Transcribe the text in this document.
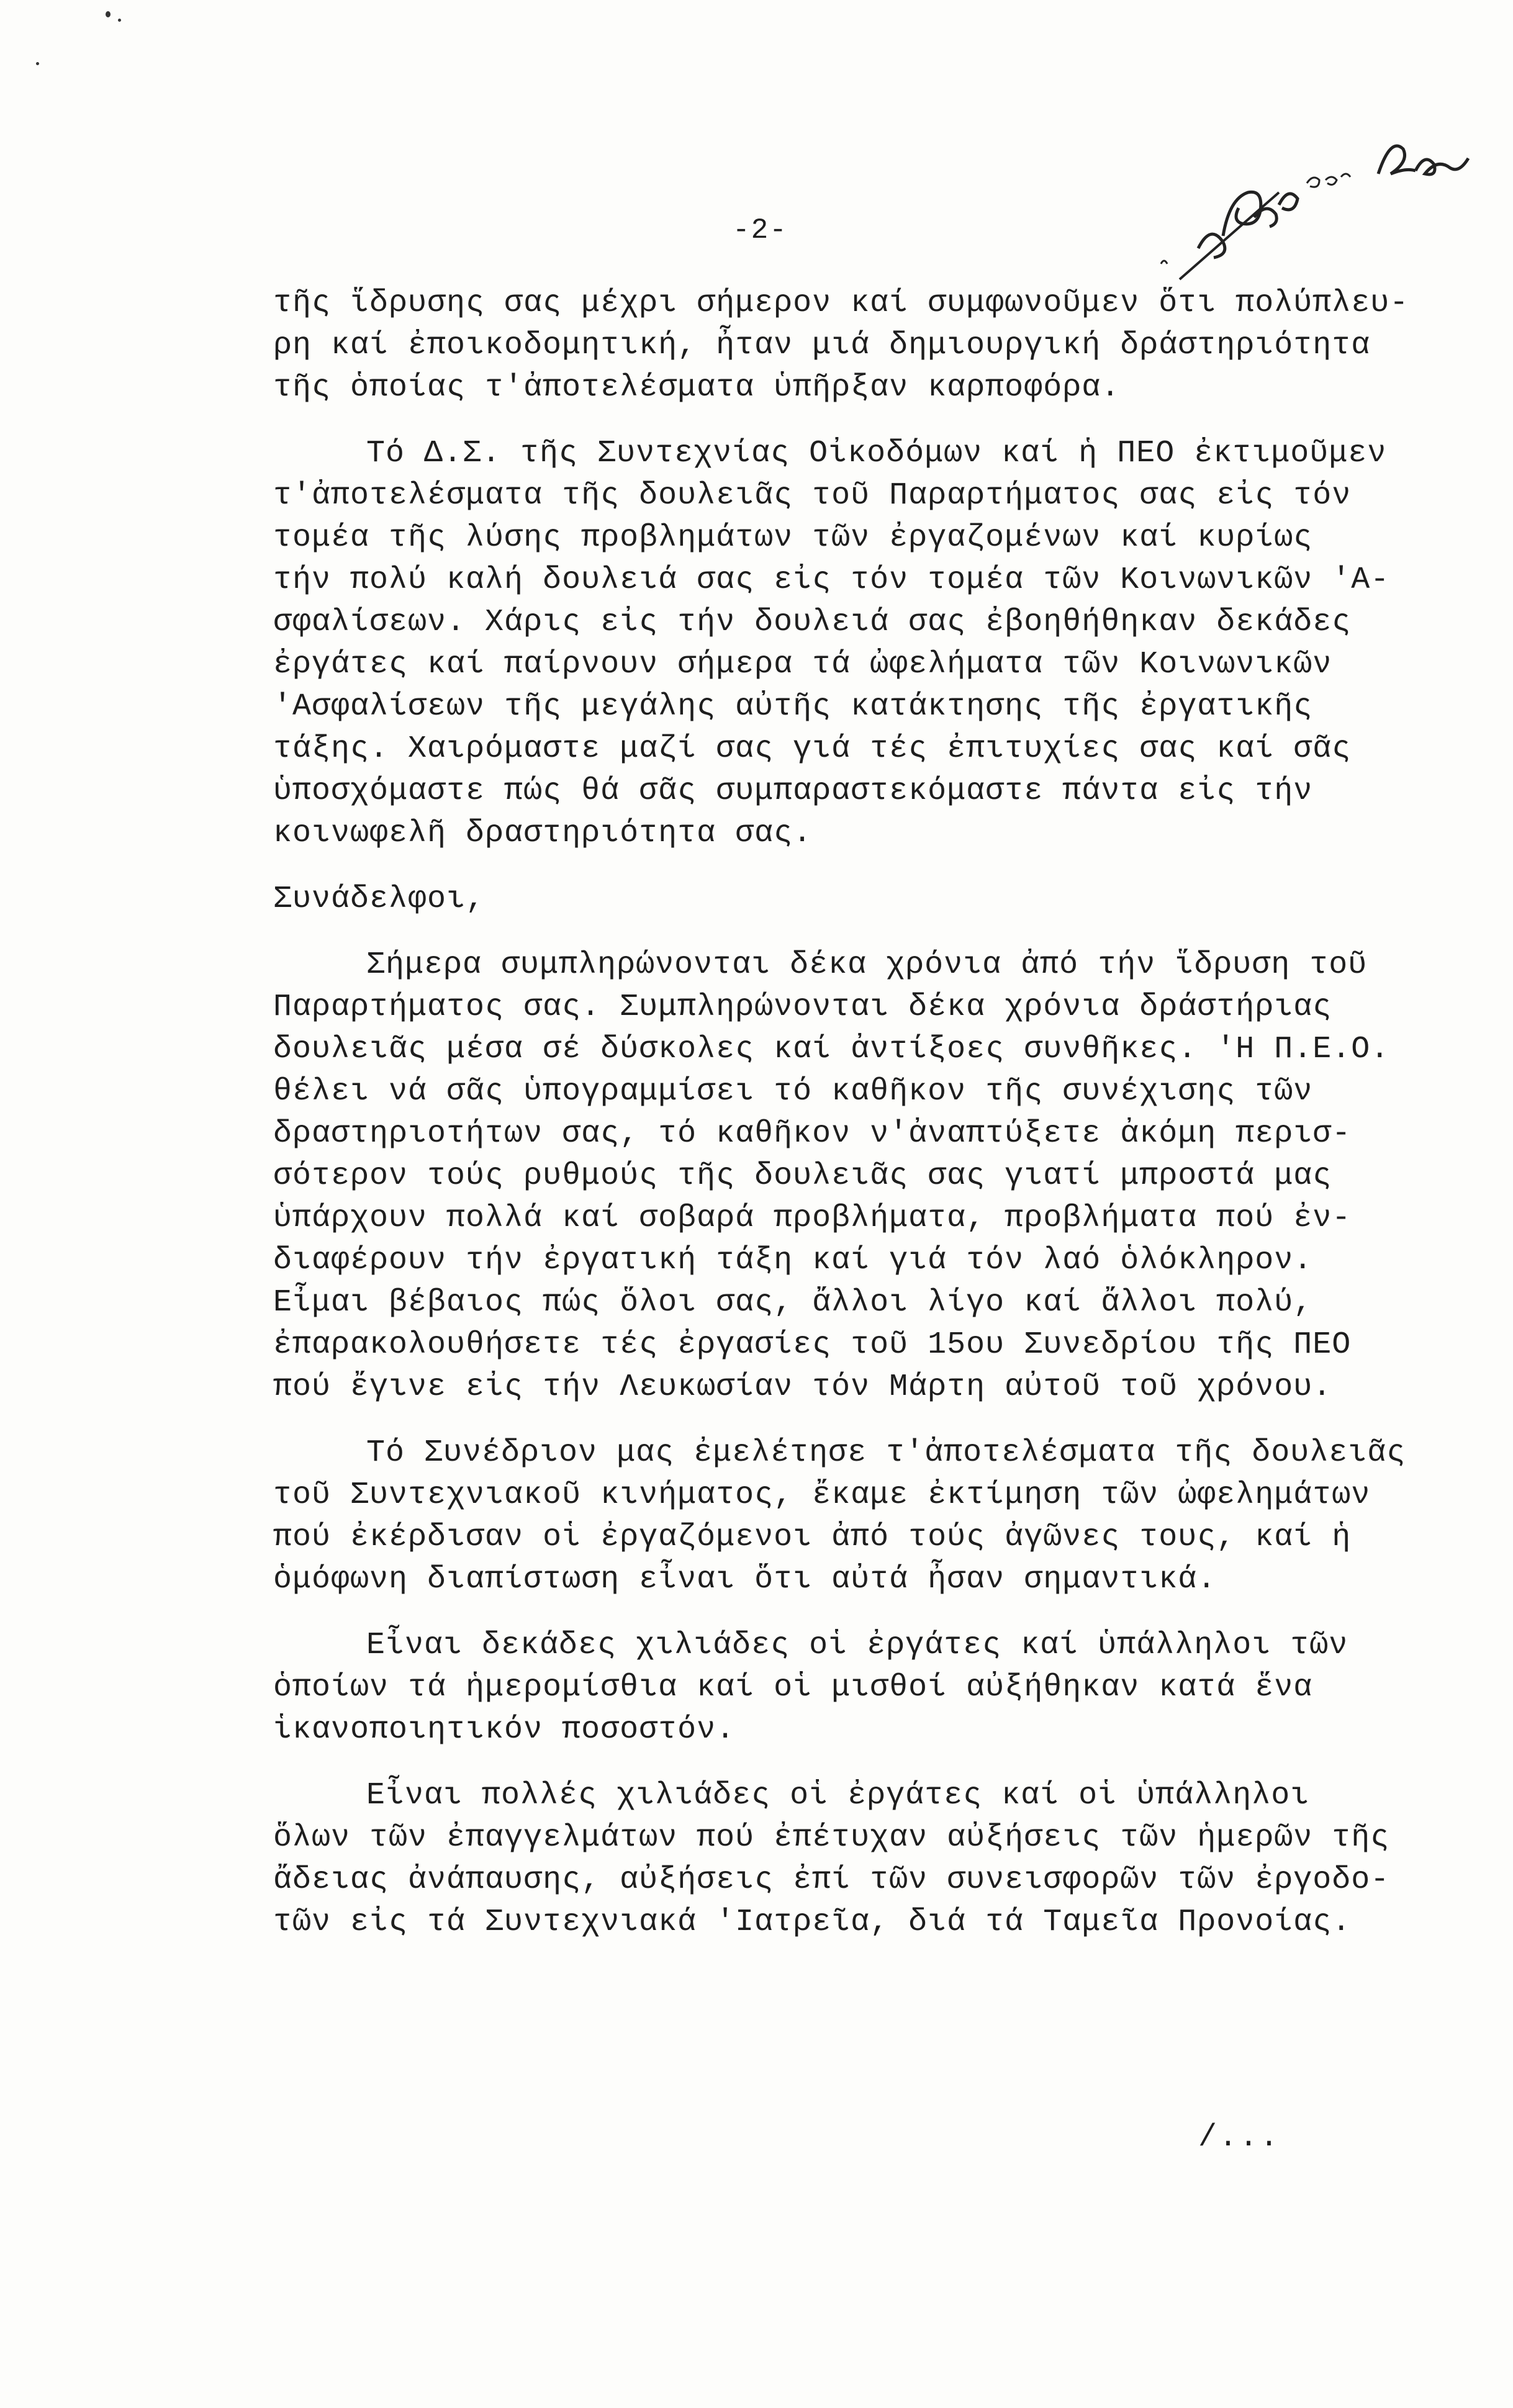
-2-
τῆς ἵδρυσης σας μέχρι σήμερον καί συμφωνοῦμεν ὅτι πολύπλευ-
ρη καί ἐποικοδομητική, ἦταν μιά δημιουργική δράστηριότητα
τῆς ὁποίας τ'ἀποτελέσματα ὑπῆρξαν καρποφόρα.
Τό Δ.Σ. τῆς Συντεχνίας Οἰκοδόμων καί ἡ ΠΕΟ ἐκτιμοῦμεν
τ'ἀποτελέσματα τῆς δουλειᾶς τοῦ Παραρτήματος σας εἰς τόν
τομέα τῆς λύσης προβλημάτων τῶν ἐργαζομένων καί κυρίως
τήν πολύ καλή δουλειά σας εἰς τόν τομέα τῶν Κοινωνικῶν 'Α-
σφαλίσεων. Χάρις εἰς τήν δουλειά σας ἐβοηθήθηκαν δεκάδες
ἐργάτες καί παίρνουν σήμερα τά ὠφελήματα τῶν Κοινωνικῶν
'Ασφαλίσεων τῆς μεγάλης αὐτῆς κατάκτησης τῆς ἐργατικῆς
τάξης. Χαιρόμαστε μαζί σας γιά τές ἐπιτυχίες σας καί σᾶς
ὑποσχόμαστε πώς θά σᾶς συμπαραστεκόμαστε πάντα εἰς τήν
κοινωφελῆ δραστηριότητα σας.
Συνάδελφοι,
Σήμερα συμπληρώνονται δέκα χρόνια ἀπό τήν ἵδρυση τοῦ
Παραρτήματος σας. Συμπληρώνονται δέκα χρόνια δράστήριας
δουλειᾶς μέσα σέ δύσκολες καί ἀντίξοες συνθῆκες. 'Η Π.Ε.Ο.
θέλει νά σᾶς ὑπογραμμίσει τό καθῆκον τῆς συνέχισης τῶν
δραστηριοτήτων σας, τό καθῆκον ν'ἀναπτύξετε ἀκόμη περισ-
σότερον τούς ρυθμούς τῆς δουλειᾶς σας γιατί μπροστά μας
ὑπάρχουν πολλά καί σοβαρά προβλήματα, προβλήματα πού ἐν-
διαφέρουν τήν ἐργατική τάξη καί γιά τόν λαό ὁλόκληρον.
Εἶμαι βέβαιος πώς ὅλοι σας, ἄλλοι λίγο καί ἄλλοι πολύ,
ἐπαρακολουθήσετε τές ἐργασίες τοῦ 15ου Συνεδρίου τῆς ΠΕΟ
πού ἔγινε εἰς τήν Λευκωσίαν τόν Μάρτη αὐτοῦ τοῦ χρόνου.
Τό Συνέδριον μας ἐμελέτησε τ'ἀποτελέσματα τῆς δουλειᾶς
τοῦ Συντεχνιακοῦ κινήματος, ἔκαμε ἐκτίμηση τῶν ὠφελημάτων
πού ἐκέρδισαν οἱ ἐργαζόμενοι ἀπό τούς ἀγῶνες τους, καί ἡ
ὁμόφωνη διαπίστωση εἶναι ὅτι αὐτά ἦσαν σημαντικά.
Εἶναι δεκάδες χιλιάδες οἱ ἐργάτες καί ὑπάλληλοι τῶν
ὁποίων τά ἡμερομίσθια καί οἱ μισθοί αὐξήθηκαν κατά ἕνα
ἱκανοποιητικόν ποσοστόν.
Εἶναι πολλές χιλιάδες οἱ ἐργάτες καί οἱ ὑπάλληλοι
ὅλων τῶν ἐπαγγελμάτων πού ἐπέτυχαν αὐξήσεις τῶν ἡμερῶν τῆς
ἄδειας ἀνάπαυσης, αὐξήσεις ἐπί τῶν συνεισφορῶν τῶν ἐργοδο-
τῶν εἰς τά Συντεχνιακά 'Ιατρεῖα, διά τά Ταμεῖα Προνοίας.
/...
